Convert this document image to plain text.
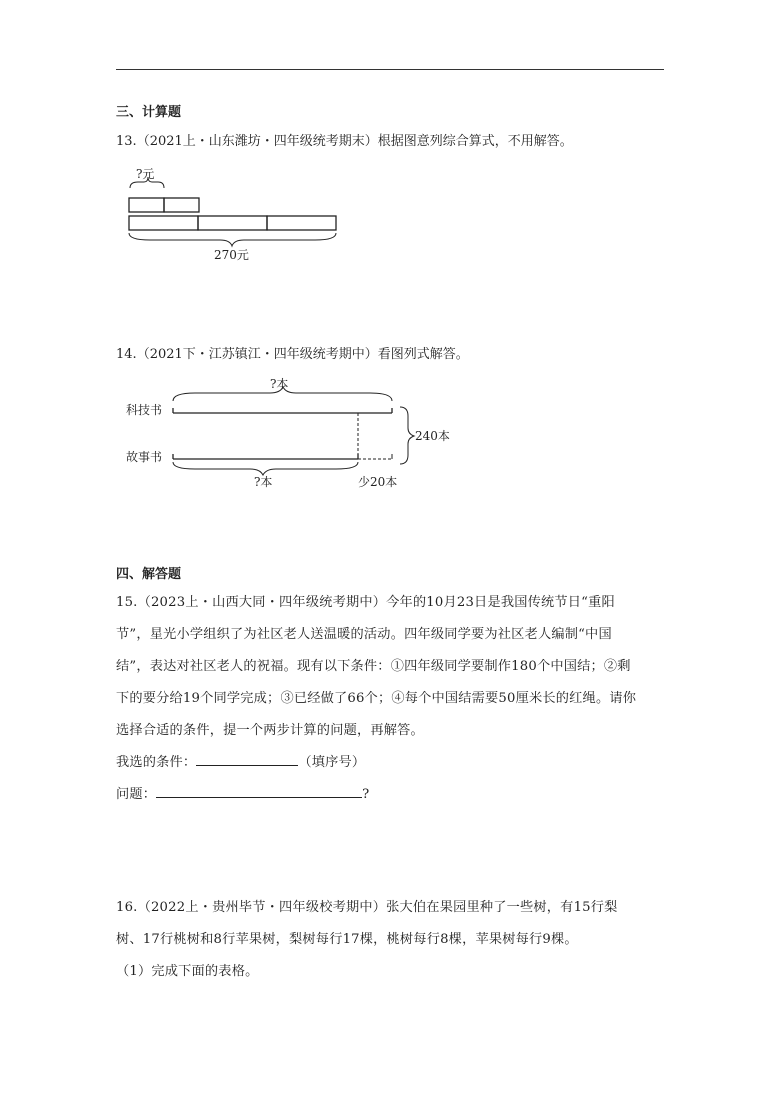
三、计算题
13.（2021上・山东潍坊・四年级统考期末）根据图意列综合算式，不用解答。
?元
270元
14.（2021下・江苏镇江・四年级统考期中）看图列式解答。
?本
科技书
故事书
240本
?本	少20本
四、解答题
15.（2023上・山西大同・四年级统考期中）今年的10月23日是我国传统节日“重阳
节”，星光小学组织了为社区老人送温暖的活动。四年级同学要为社区老人编制“中国
结”，表达对社区老人的祝福。现有以下条件：①四年级同学要制作180个中国结；②剩
下的要分给19个同学完成；③已经做了66个；④每个中国结需要50厘米长的红绳。请你
选择合适的条件，提一个两步计算的问题，再解答。
我选的条件：	（填序号）
问题：	?
16.（2022上・贵州毕节・四年级校考期中）张大伯在果园里种了一些树，有15行梨
树、17行桃树和8行苹果树，梨树每行17棵，桃树每行8棵，苹果树每行9棵。
（1）完成下面的表格。
